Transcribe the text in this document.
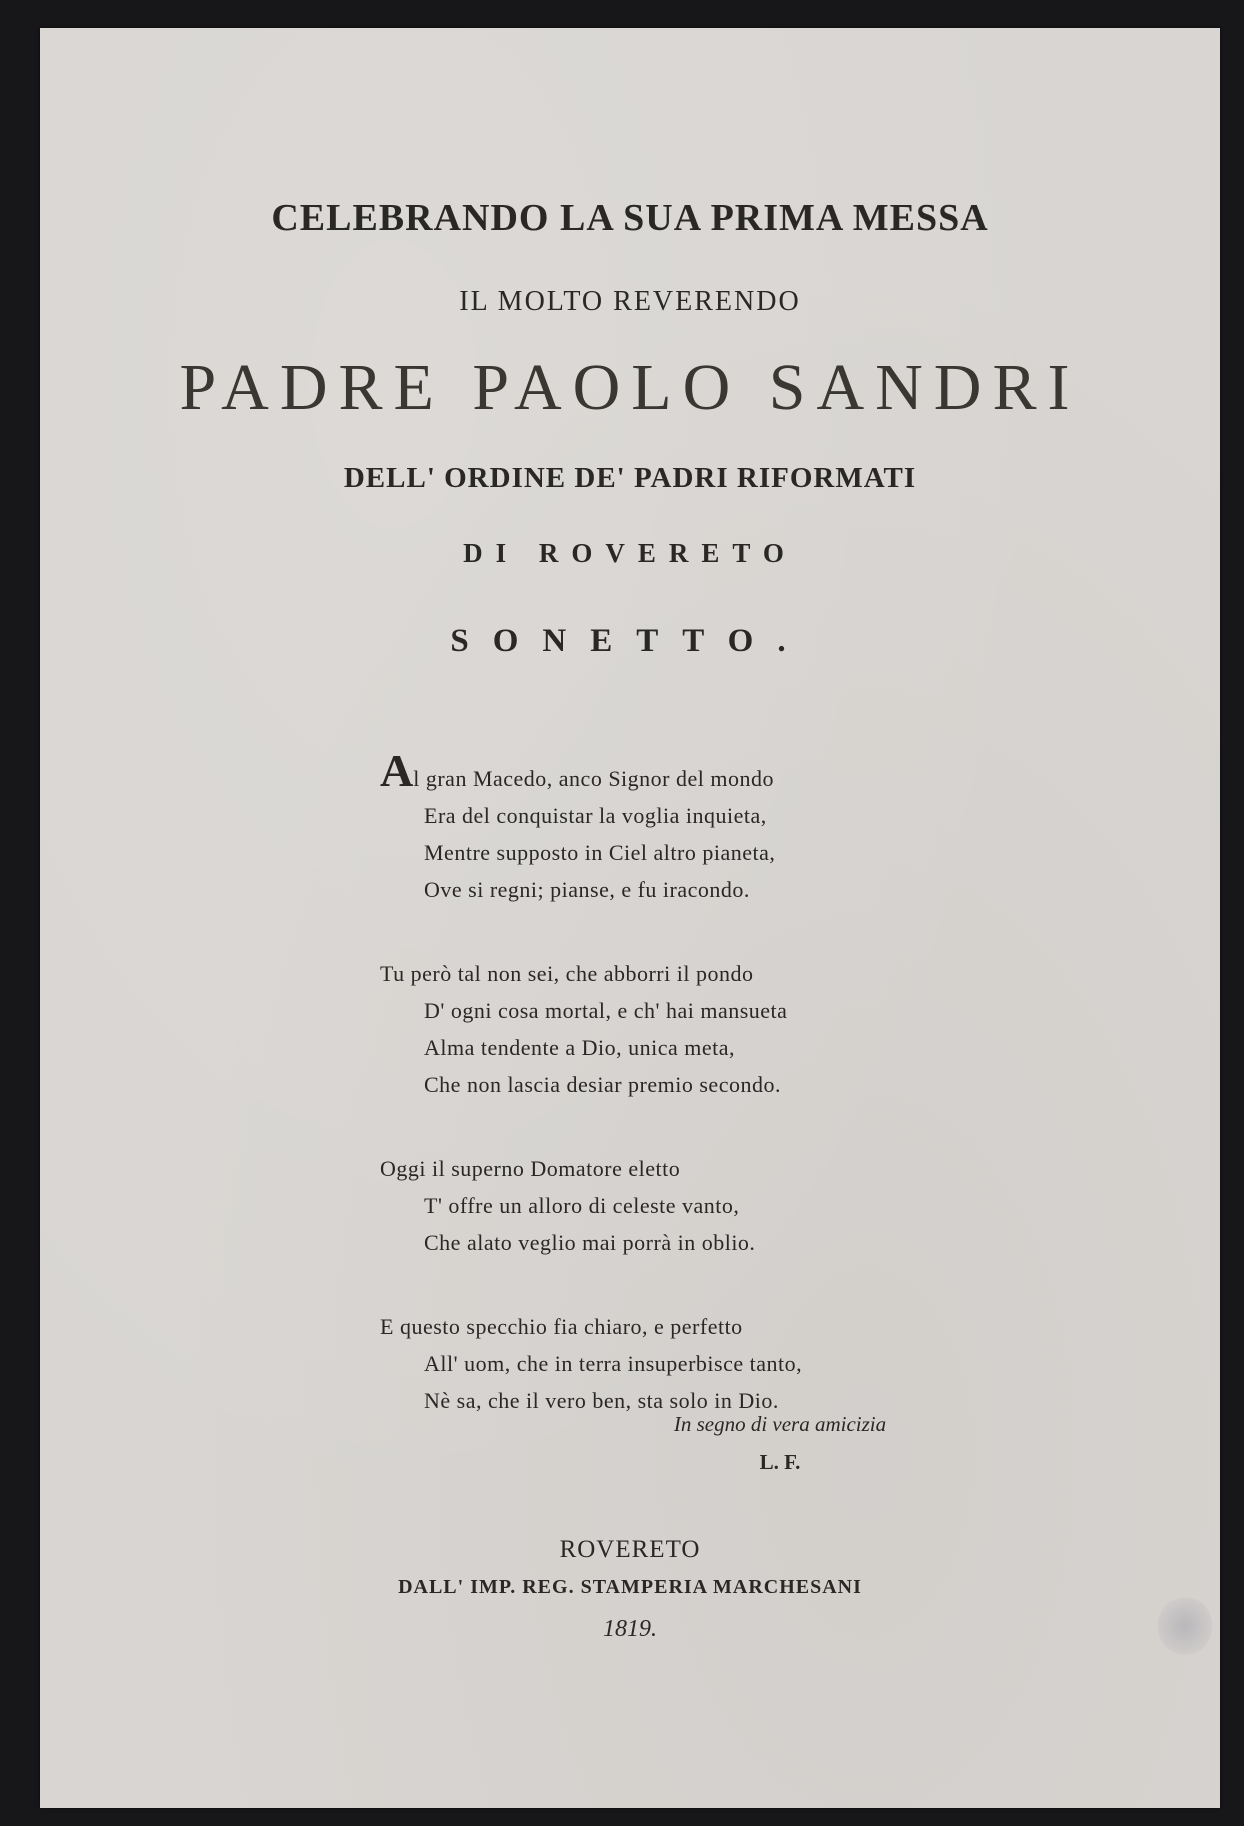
CELEBRANDO LA SUA PRIMA MESSA
IL MOLTO REVERENDO
PADRE PAOLO SANDRI
DELL' ORDINE DE' PADRI RIFORMATI
DI ROVERETO
SONETTO.
Al gran Macedo, anco Signor del mondo
Era del conquistar la voglia inquieta,
Mentre supposto in Ciel altro pianeta,
Ove si regni; pianse, e fu iracondo.
Tu però tal non sei, che abborri il pondo
D' ogni cosa mortal, e ch' hai mansueta
Alma tendente a Dio, unica meta,
Che non lascia desiar premio secondo.
Oggi il superno Domatore eletto
T' offre un alloro di celeste vanto,
Che alato veglio mai porrà in oblio.
E questo specchio fia chiaro, e perfetto
All' uom, che in terra insuperbisce tanto,
Nè sa, che il vero ben, sta solo in Dio.
In segno di vera amicizia
L. F.
ROVERETO
DALL' IMP. REG. STAMPERIA MARCHESANI
1819.
